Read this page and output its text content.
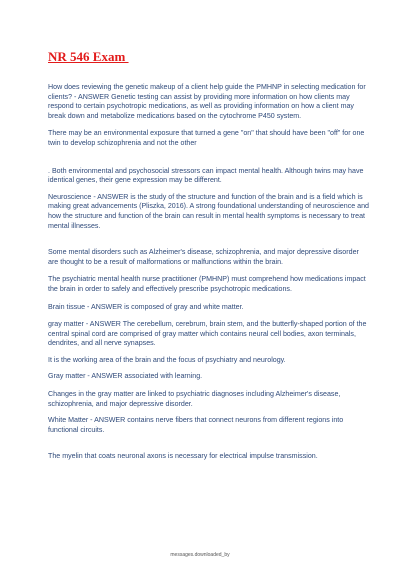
NR 546 Exam

How does reviewing the genetic makeup of a client help guide the PMHNP in selecting medication for clients? - ANSWER Genetic testing can assist by providing more information on how clients may respond to certain psychotropic medications, as well as providing information on how a client may break down and metabolize medications based on the cytochrome P450 system.

There may be an environmental exposure that turned a gene "on" that should have been "off" for one twin to develop schizophrenia and not the other

. Both environmental and psychosocial stressors can impact mental health. Although twins may have identical genes, their gene expression may be different.

Neuroscience - ANSWER is the study of the structure and function of the brain and is a field which is making great advancements (Pliszka, 2016). A strong foundational understanding of neuroscience and how the structure and function of the brain can result in mental health symptoms is necessary to treat mental illnesses.

Some mental disorders such as Alzheimer's disease, schizophrenia, and major depressive disorder are thought to be a result of malformations or malfunctions within the brain.

The psychiatric mental health nurse practitioner (PMHNP) must comprehend how medications impact the brain in order to safely and effectively prescribe psychotropic medications.

Brain tissue - ANSWER is composed of gray and white matter.

gray matter - ANSWER The cerebellum, cerebrum, brain stem, and the butterfly-shaped portion of the central spinal cord are comprised of gray matter which contains neural cell bodies, axon terminals, dendrites, and all nerve synapses.

It is the working area of the brain and the focus of psychiatry and neurology.

Gray matter - ANSWER associated with learning.

Changes in the gray matter are linked to psychiatric diagnoses including Alzheimer's disease, schizophrenia, and major depressive disorder.

White Matter - ANSWER contains nerve fibers that connect neurons from different regions into functional circuits.

The myelin that coats neuronal axons is necessary for electrical impulse transmission.

messages.downloaded_by
